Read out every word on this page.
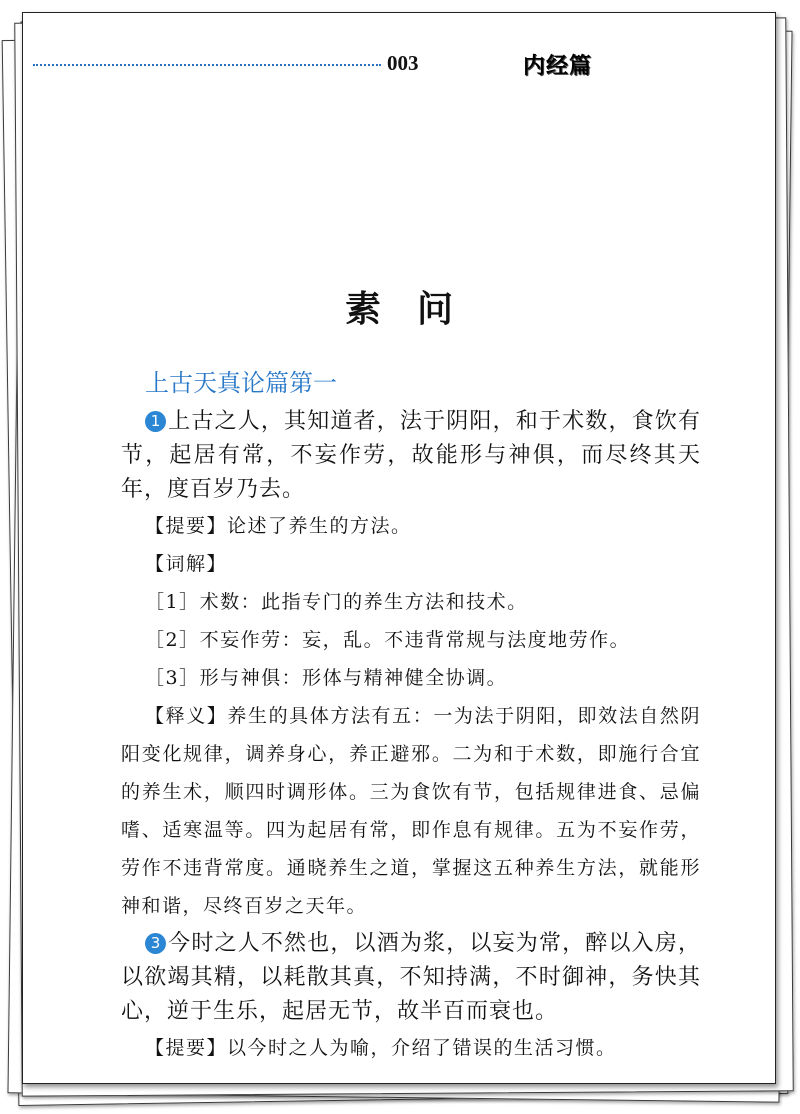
003	内经篇
素问
上古天真论篇第一

1 上古之人，其知道者，法于阴阳，和于术数，食饮有节，起居有常，不妄作劳，故能形与神俱，而尽终其天年，度百岁乃去。

【提要】论述了养生的方法。

【词解】

［1］术数：此指专门的养生方法和技术。

［2］不妄作劳：妄，乱。不违背常规与法度地劳作。

［3］形与神俱：形体与精神健全协调。

【释义】养生的具体方法有五：一为法于阴阳，即效法自然阴阳变化规律，调养身心，养正避邪。二为和于术数，即施行合宜的养生术，顺四时调形体。三为食饮有节，包括规律进食、忌偏嗜、适寒温等。四为起居有常，即作息有规律。五为不妄作劳，劳作不违背常度。通晓养生之道，掌握这五种养生方法，就能形神和谐，尽终百岁之天年。

3 今时之人不然也，以酒为浆，以妄为常，醉以入房，以欲竭其精，以耗散其真，不知持满，不时御神，务快其心，逆于生乐，起居无节，故半百而衰也。

【提要】以今时之人为喻，介绍了错误的生活习惯。
